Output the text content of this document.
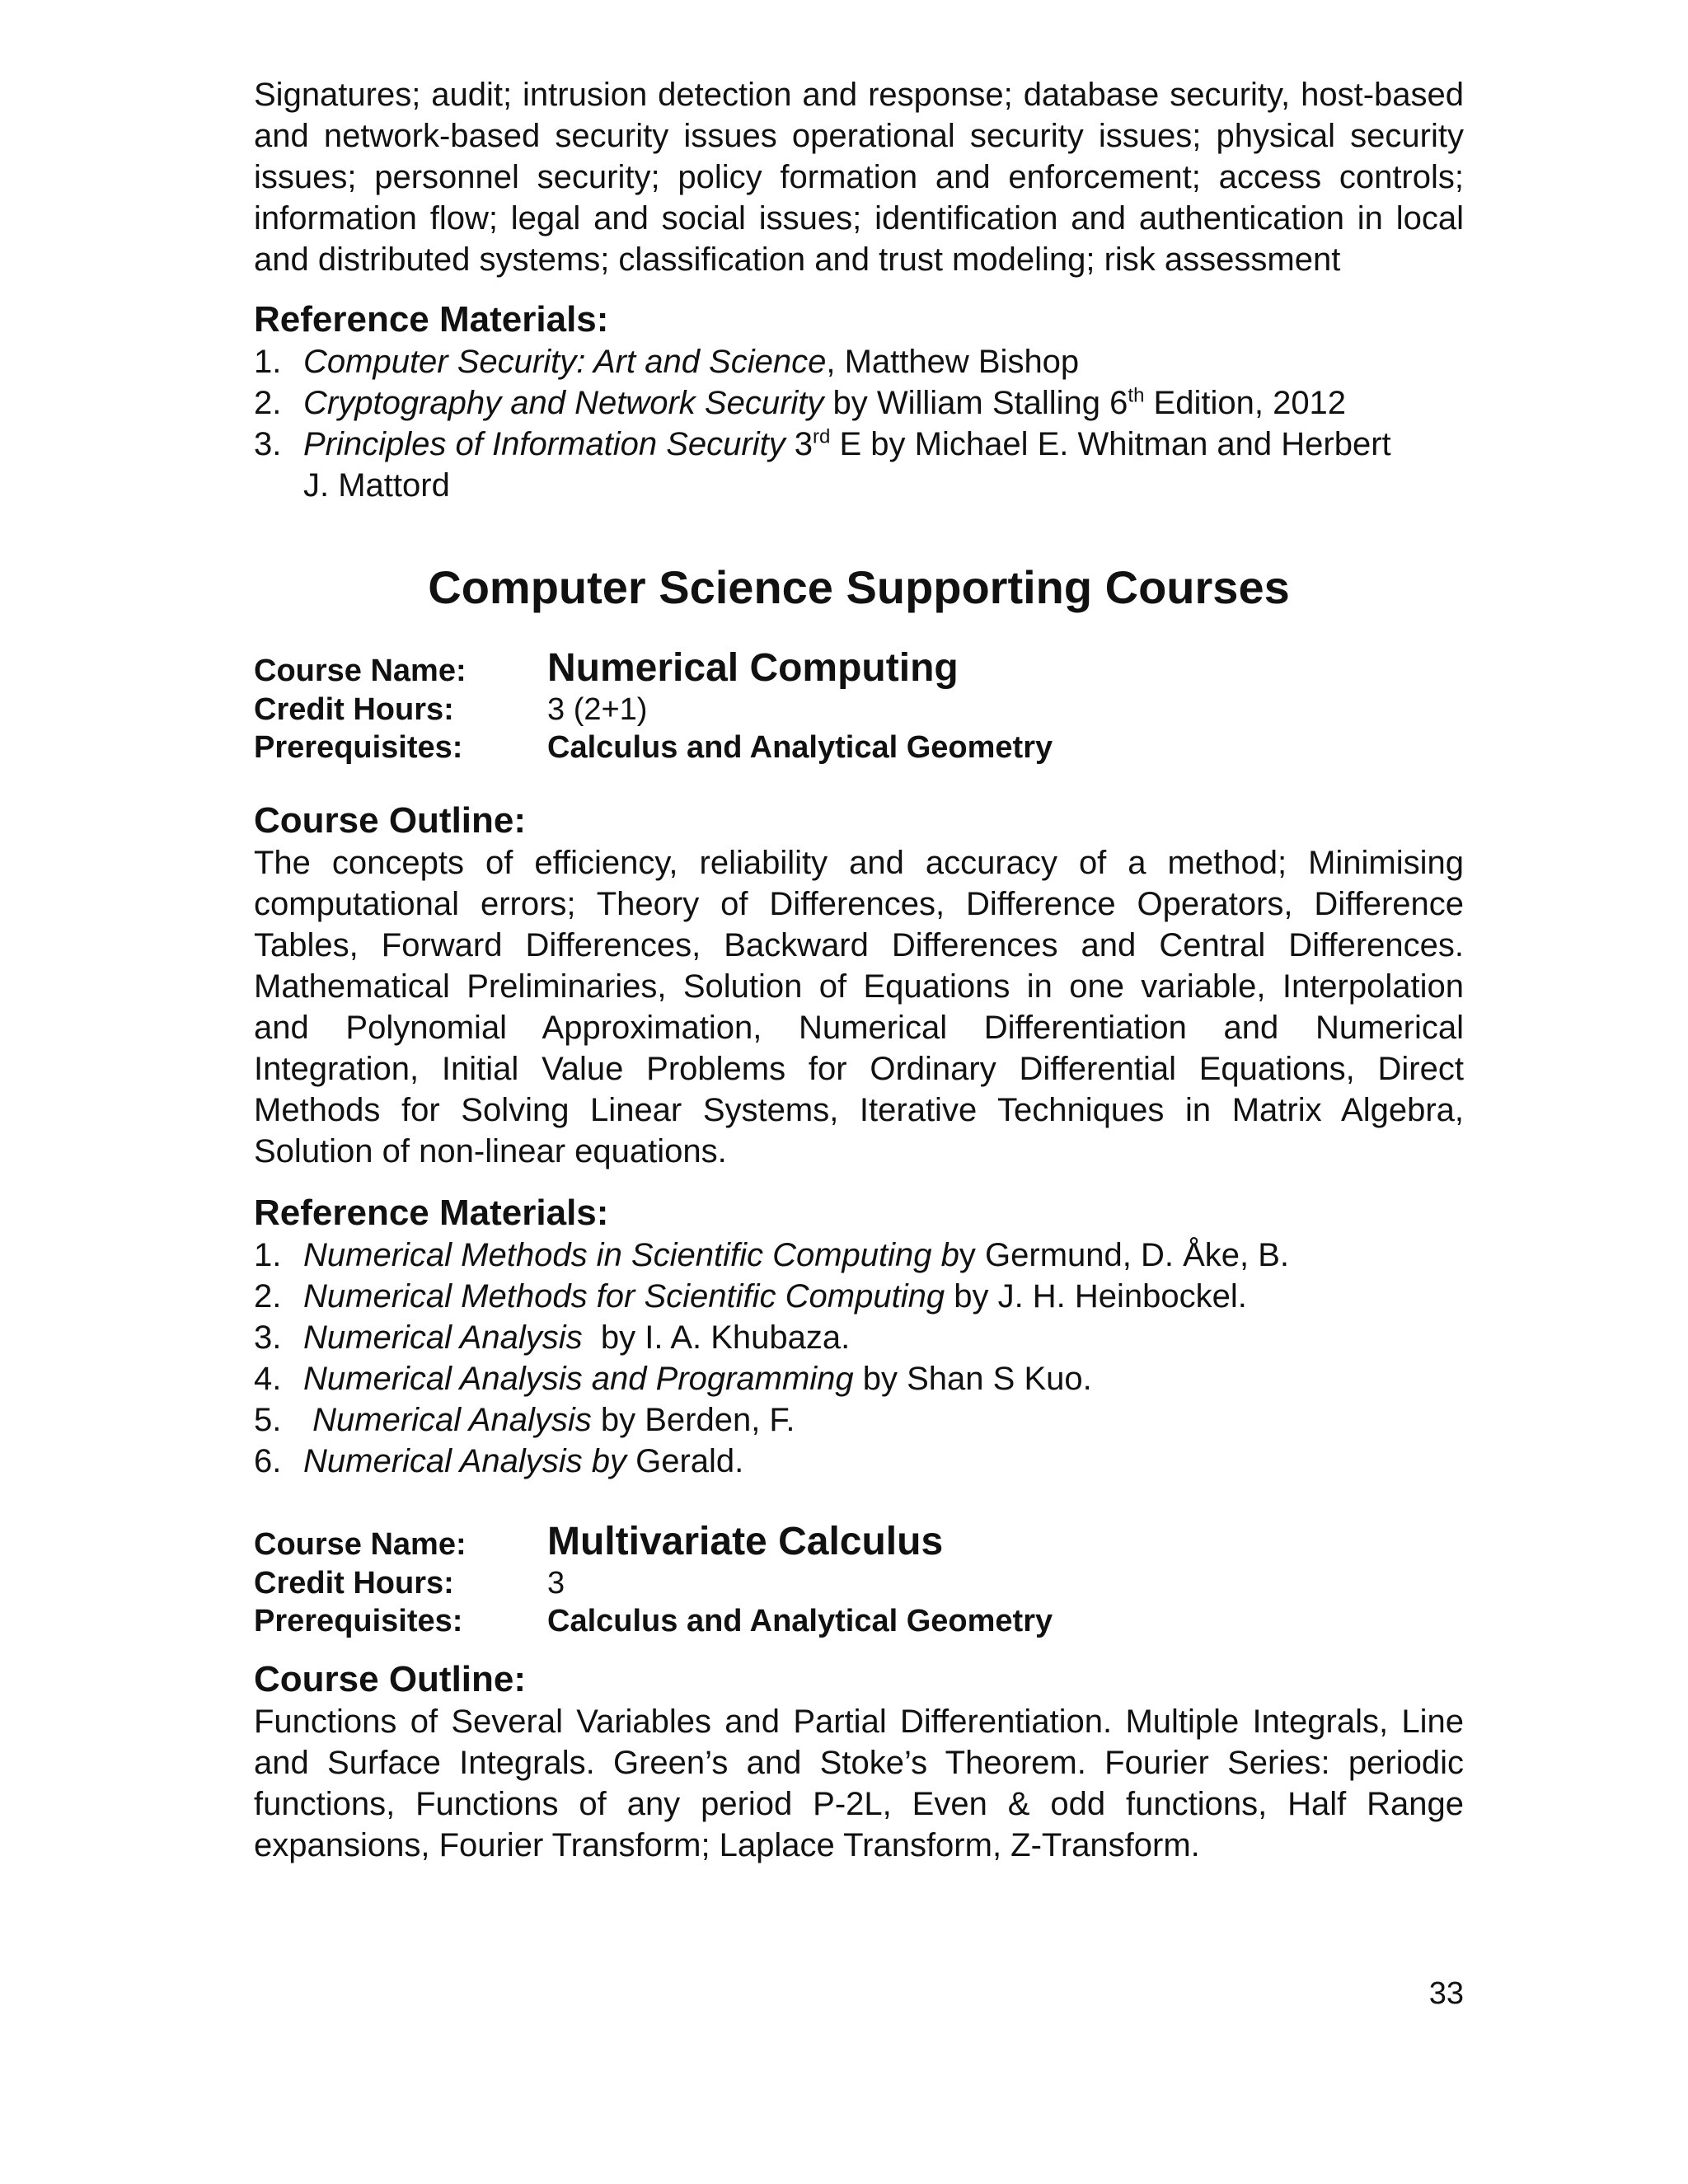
Signatures; audit; intrusion detection and response; database security, host-based and network-based security issues operational security issues; physical security issues; personnel security; policy formation and enforcement; access controls; information flow; legal and social issues; identification and authentication in local and distributed systems; classification and trust modeling; risk assessment

Reference Materials:

1. Computer Security: Art and Science, Matthew Bishop
2. Cryptography and Network Security by William Stalling 6th Edition, 2012
3. Principles of Information Security 3rd E by Michael E. Whitman and Herbert J. Mattord

Computer Science Supporting Courses

Course Name:	Numerical Computing
Credit Hours:	3 (2+1)
Prerequisites:	Calculus and Analytical Geometry

Course Outline:

The concepts of efficiency, reliability and accuracy of a method; Minimising computational errors; Theory of Differences, Difference Operators, Difference Tables, Forward Differences, Backward Differences and Central Differences. Mathematical Preliminaries, Solution of Equations in one variable, Interpolation and Polynomial Approximation, Numerical Differentiation and Numerical Integration, Initial Value Problems for Ordinary Differential Equations, Direct Methods for Solving Linear Systems, Iterative Techniques in Matrix Algebra, Solution of non-linear equations.

Reference Materials:

1. Numerical Methods in Scientific Computing by Germund, D. Åke, B.
2. Numerical Methods for Scientific Computing by J. H. Heinbockel.
3. Numerical Analysis  by I. A. Khubaza.
4. Numerical Analysis and Programming by Shan S Kuo.
5. Numerical Analysis by Berden, F.
6. Numerical Analysis by Gerald.
Course Name:	Multivariate Calculus
Credit Hours:	3
Prerequisites:	Calculus and Analytical Geometry

Course Outline:

Functions of Several Variables and Partial Differentiation. Multiple Integrals, Line and Surface Integrals. Green’s and Stoke’s Theorem. Fourier Series: periodic functions, Functions of any period P-2L, Even & odd functions, Half Range expansions, Fourier Transform; Laplace Transform, Z-Transform.

33
